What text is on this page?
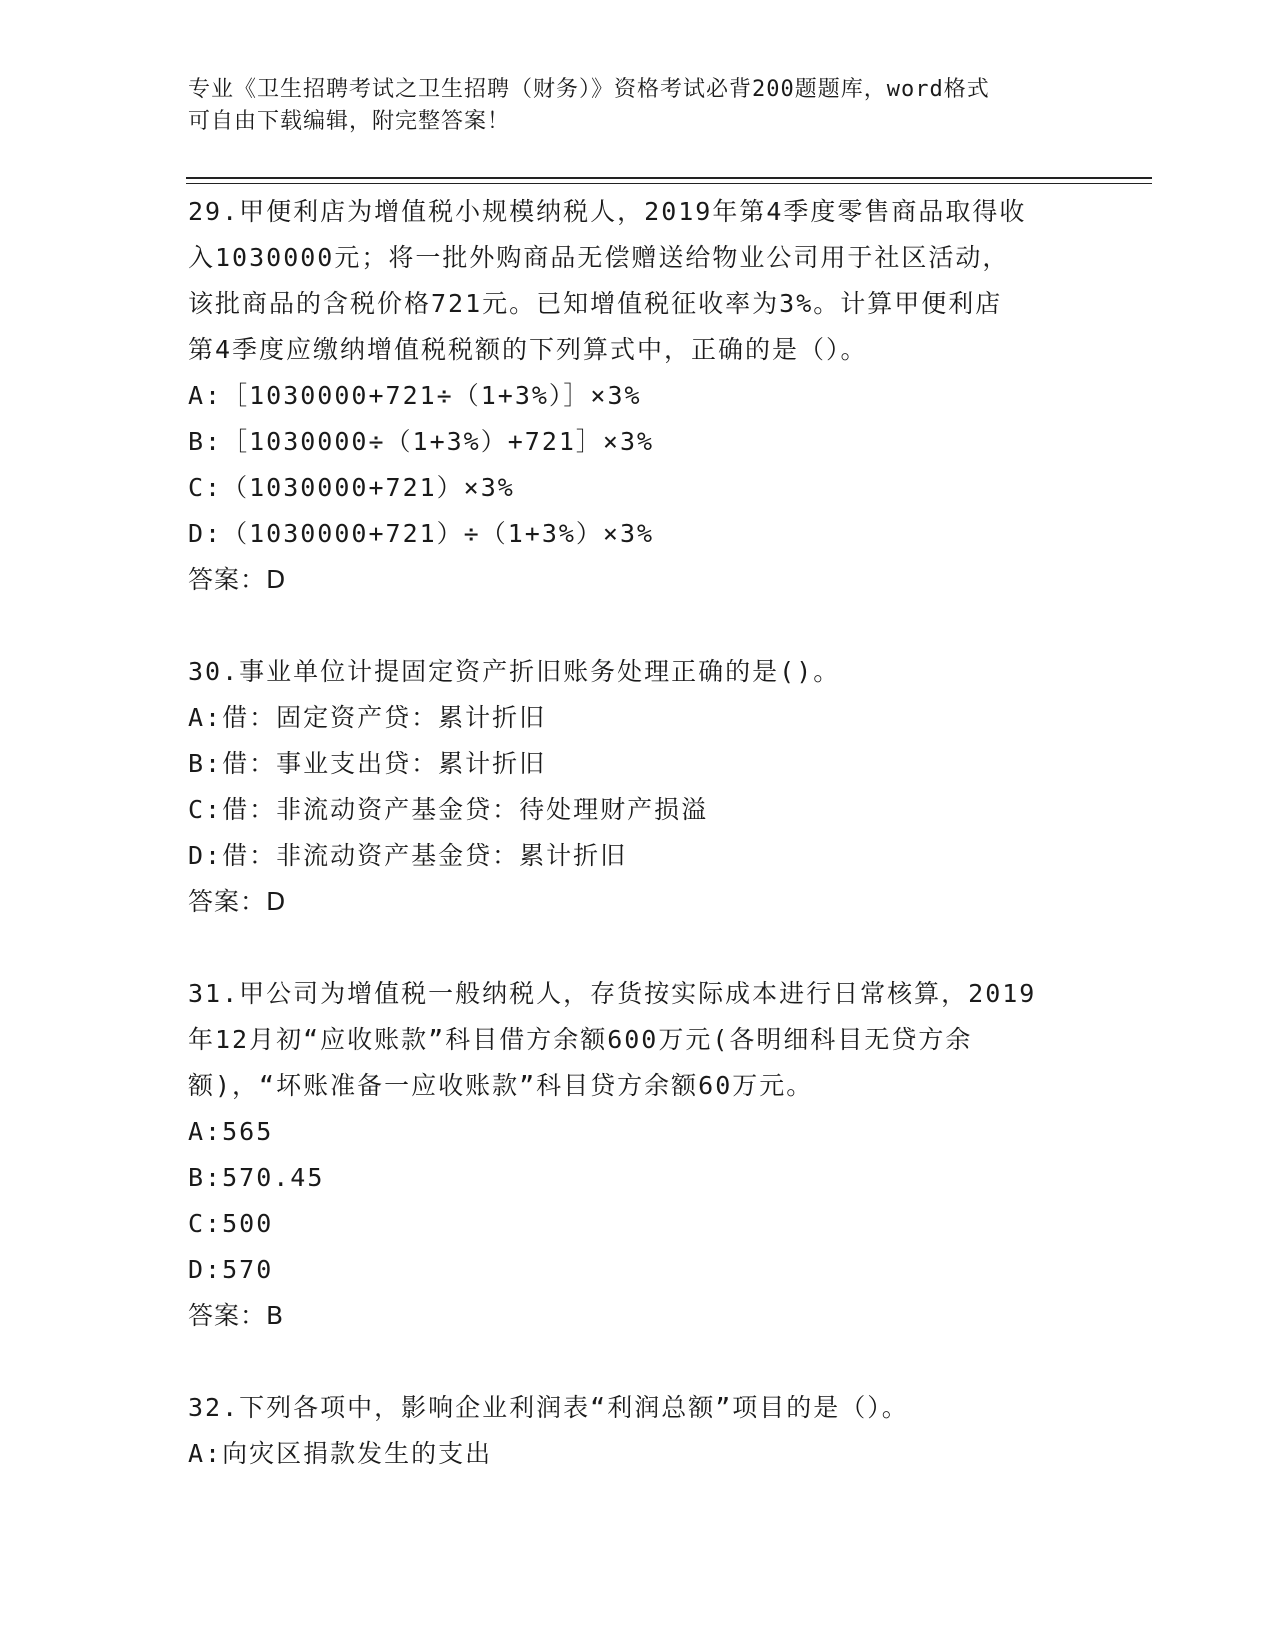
专业《卫生招聘考试之卫生招聘（财务）》资格考试必背200题题库，word格式
可自由下载编辑，附完整答案！
29.甲便利店为增值税小规模纳税人，2019年第4季度零售商品取得收
入1030000元；将一批外购商品无偿赠送给物业公司用于社区活动，
该批商品的含税价格721元。已知增值税征收率为3%。计算甲便利店
第4季度应缴纳增值税税额的下列算式中，正确的是（）。
A:［1030000+721÷（1+3%）］×3%
B:［1030000÷（1+3%）+721］×3%
C:（1030000+721）×3%
D:（1030000+721）÷（1+3%）×3%
答案：D
30.事业单位计提固定资产折旧账务处理正确的是()。
A:借：固定资产贷：累计折旧
B:借：事业支出贷：累计折旧
C:借：非流动资产基金贷：待处理财产损溢
D:借：非流动资产基金贷：累计折旧
答案：D
31.甲公司为增值税一般纳税人，存货按实际成本进行日常核算，2019
年12月初“应收账款”科目借方余额600万元(各明细科目无贷方余
额)，“坏账准备一应收账款”科目贷方余额60万元。
A:565
B:570.45
C:500
D:570
答案：B
32.下列各项中，影响企业利润表“利润总额”项目的是（）。
A:向灾区捐款发生的支出
